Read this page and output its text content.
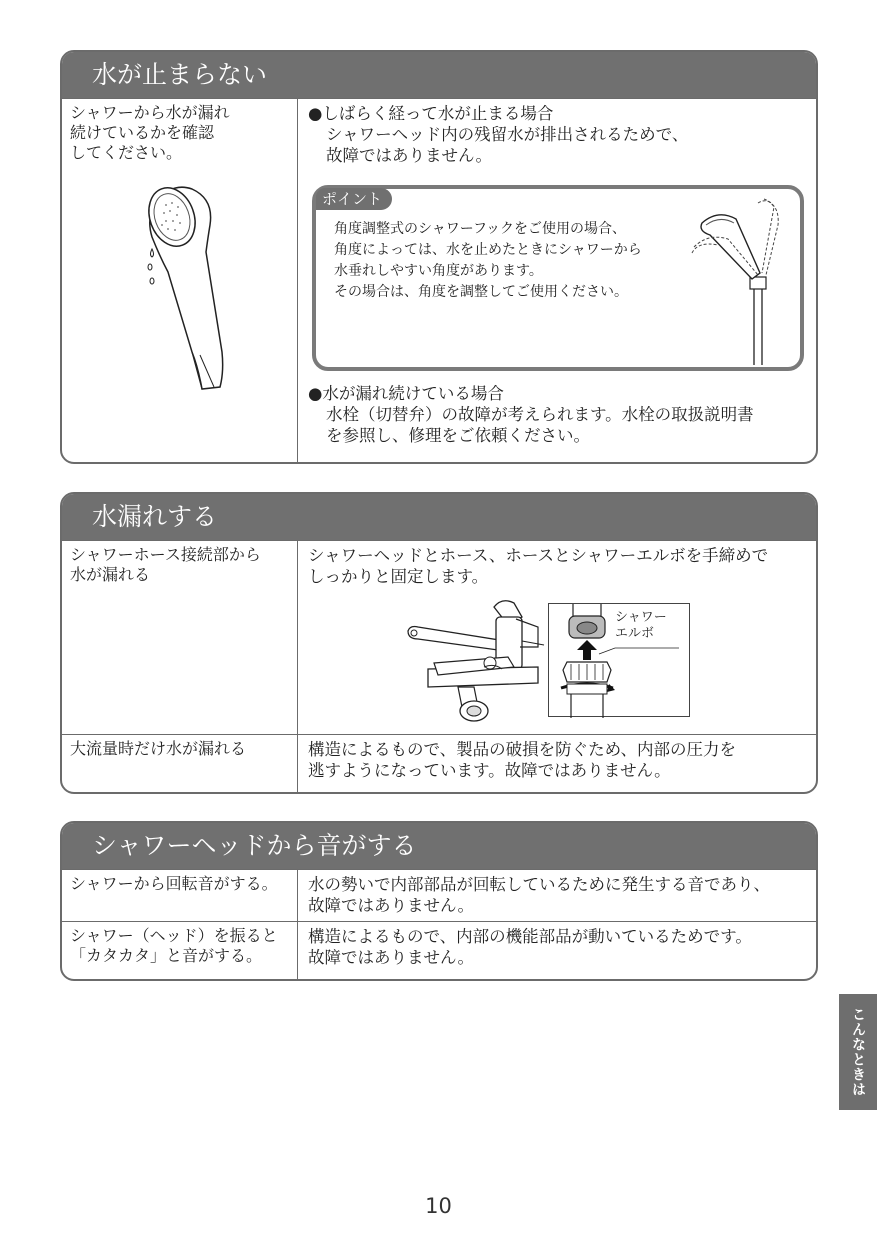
水が止まらない
シャワーから水が漏れ
続けているかを確認
してください。
●しばらく経って水が止まる場合
シャワーヘッド内の残留水が排出されるためで、
故障ではありません。
ポイント
角度調整式のシャワーフックをご使用の場合、
角度によっては、水を止めたときにシャワーから
水垂れしやすい角度があります。
その場合は、角度を調整してご使用ください。
●水が漏れ続けている場合
水栓（切替弁）の故障が考えられます。水栓の取扱説明書
を参照し、修理をご依頼ください。
水漏れする
シャワーホース接続部から
水が漏れる
シャワーヘッドとホース、ホースとシャワーエルボを手締めで
しっかりと固定します。
シャワー
エルボ
大流量時だけ水が漏れる	構造によるもので、製品の破損を防ぐため、内部の圧力を
逃すようになっています。故障ではありません。
シャワーヘッドから音がする
シャワーから回転音がする。	水の勢いで内部部品が回転しているために発生する音であり、
故障ではありません。
シャワー（ヘッド）を振ると
「カタカタ」と音がする。
構造によるもので、内部の機能部品が動いているためです。
故障ではありません。
こんなときは
10
